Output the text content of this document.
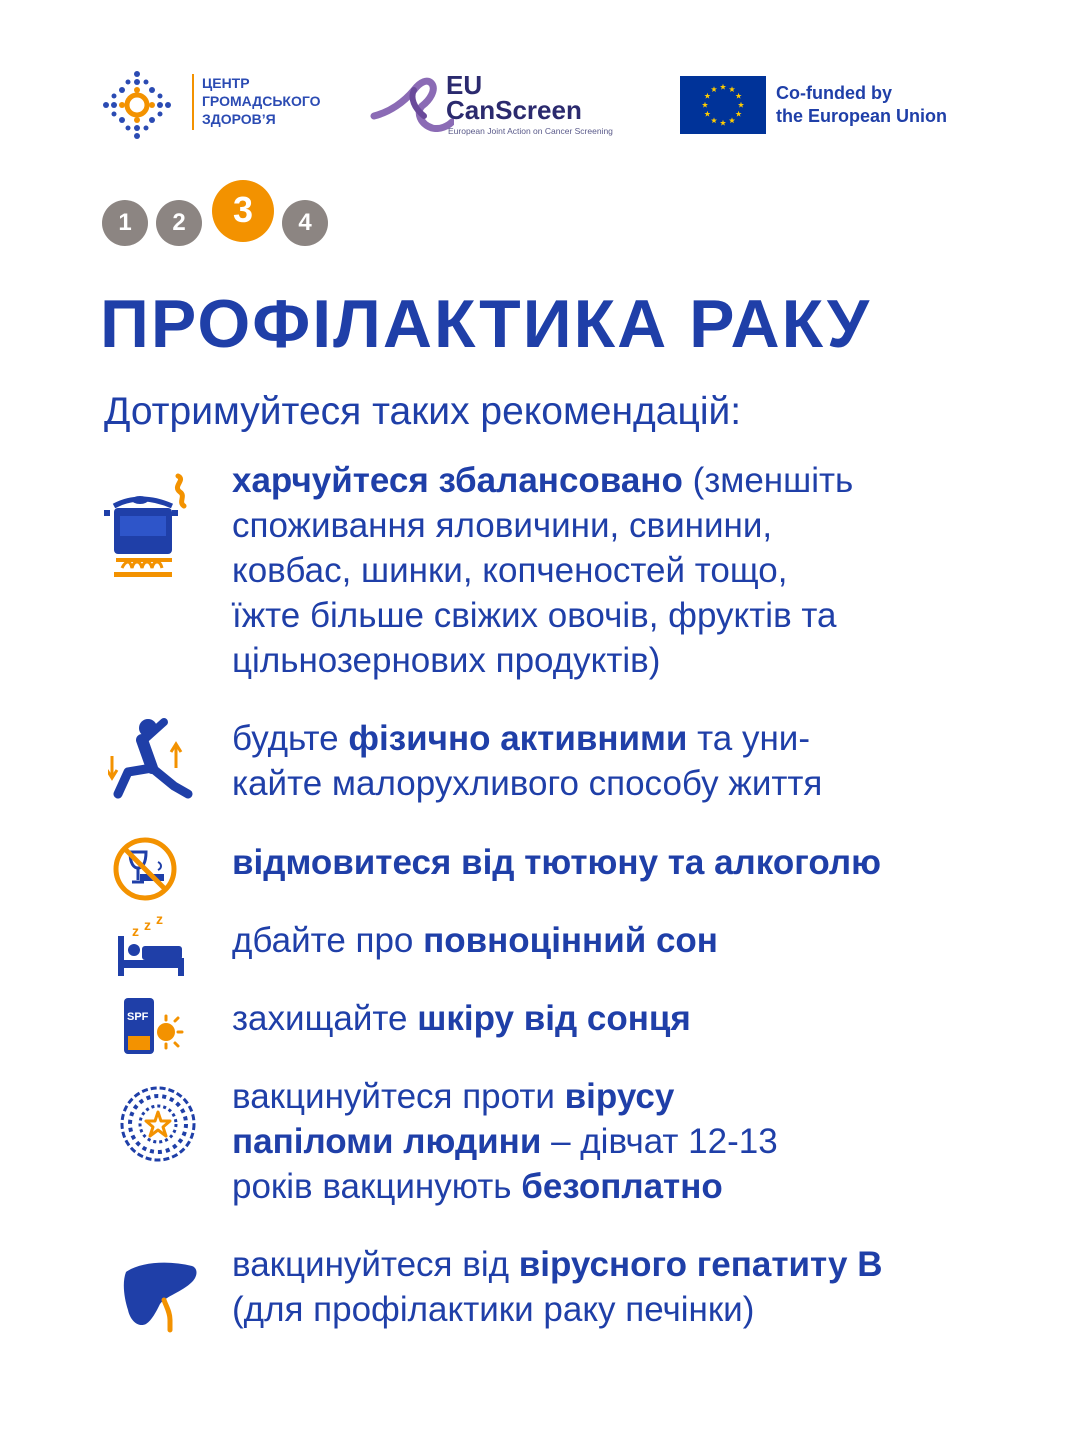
ЦЕНТР
ГРОМАДСЬКОГО
ЗДОРОВ’Я
EU
CanScreen
European Joint Action on Cancer Screening
Co-funded by
the European Union
1	2	3	4
ПРОФІЛАКТИКА РАКУ
Дотримуйтеся таких рекомендацій:
харчуйтеся збалансовано (зменшіть
споживання яловичини, свинини,
ковбас, шинки, копченостей тощо,
їжте більше свіжих овочів, фруктів та
цільнозернових продуктів)
будьте фізично активними та уни-
кайте малорухливого способу життя
відмовитеся від тютюну та алкоголю
z z z
дбайте про повноцінний сон
SPF захищайте шкіру від сонця
вакцинуйтеся проти вірусу
папіломи людини – дівчат 12-13
років вакцинують безоплатно
вакцинуйтеся від вірусного гепатиту В
(для профілактики раку печінки)
